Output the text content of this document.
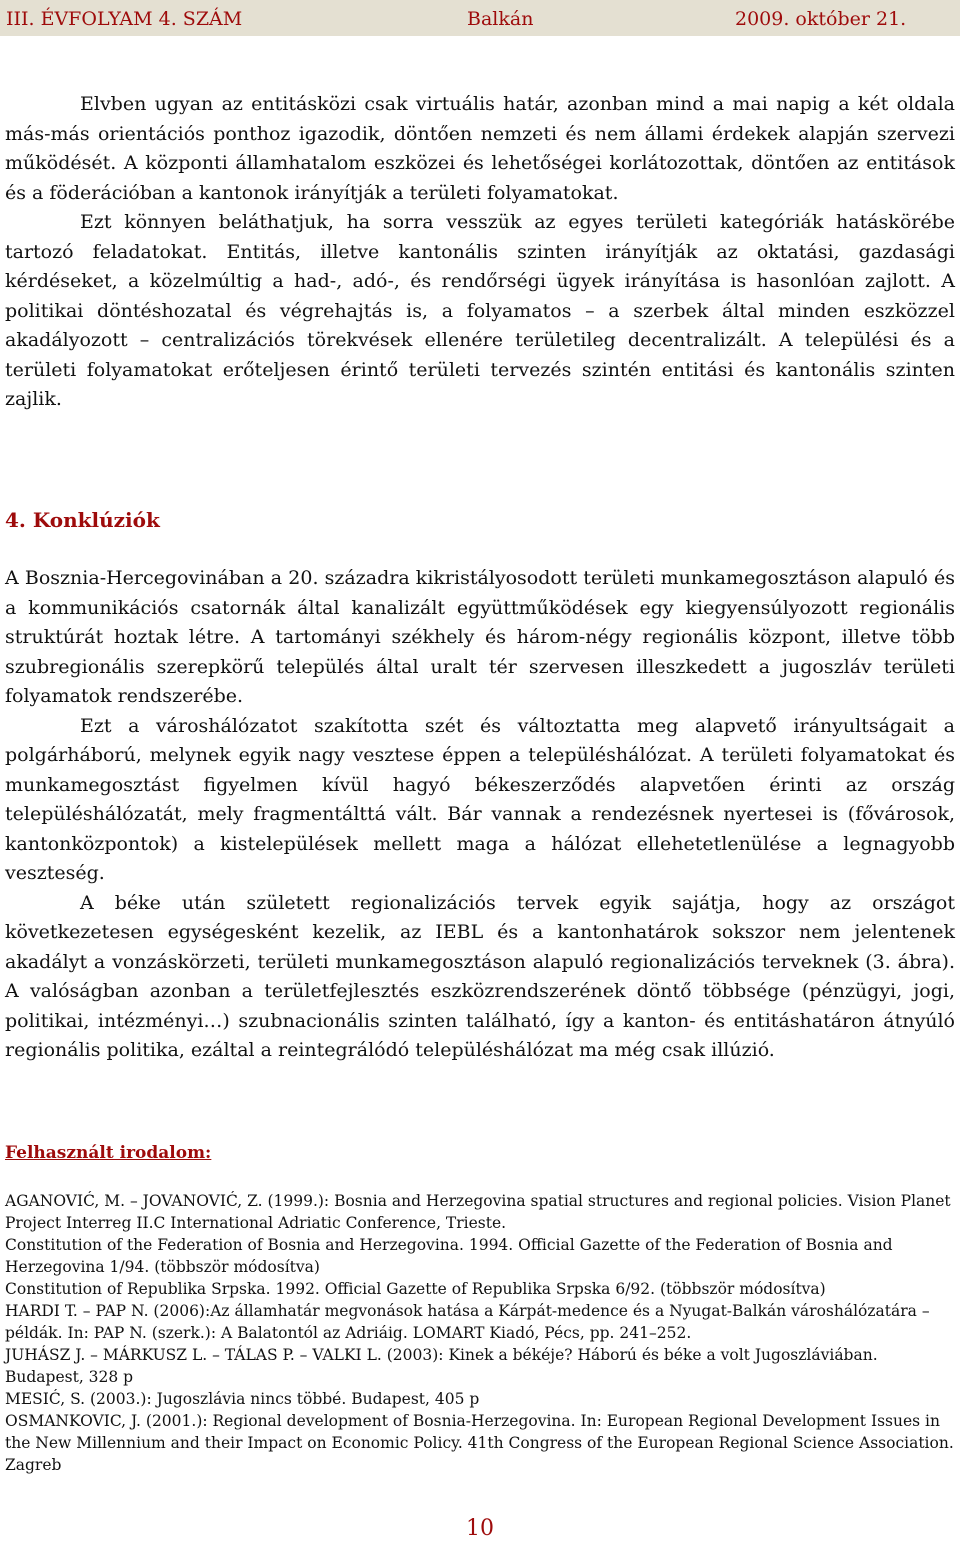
III. ÉVFOLYAM 4. SZÁM	Balkán	2009. október 21.

Elvben ugyan az entitásközi csak virtuális határ, azonban mind a mai napig a két oldala más-más orientációs ponthoz igazodik, döntően nemzeti és nem állami érdekek alapján szervezi működését. A központi államhatalom eszközei és lehetőségei korlátozottak, döntően az entitások és a föderációban a kantonok irányítják a területi folyamatokat.

Ezt könnyen beláthatjuk, ha sorra vesszük az egyes területi kategóriák hatáskörébe tartozó feladatokat. Entitás, illetve kantonális szinten irányítják az oktatási, gazdasági kérdéseket, a közelmúltig a had-, adó-, és rendőrségi ügyek irányítása is hasonlóan zajlott. A politikai döntéshozatal és végrehajtás is, a folyamatos – a szerbek által minden eszközzel akadályozott – centralizációs törekvések ellenére területileg decentralizált. A települési és a területi folyamatokat erőteljesen érintő területi tervezés szintén entitási és kantonális szinten zajlik.

4. Konklúziók

A Bosznia-Hercegovinában a 20. századra kikristályosodott területi munkamegosztáson alapuló és a kommunikációs csatornák által kanalizált együttműködések egy kiegyensúlyozott regionális struktúrát hoztak létre. A tartományi székhely és három-négy regionális központ, illetve több szubregionális szerepkörű település által uralt tér szervesen illeszkedett a jugoszláv területi folyamatok rendszerébe.

Ezt a városhálózatot szakította szét és változtatta meg alapvető irányultságait a polgárháború, melynek egyik nagy vesztese éppen a településhálózat. A területi folyamatokat és munkamegosztást figyelmen kívül hagyó békeszerződés alapvetően érinti az ország településhálózatát, mely fragmentálttá vált. Bár vannak a rendezésnek nyertesei is (fővárosok, kantonközpontok) a kistelepülések mellett maga a hálózat ellehetetlenülése a legnagyobb veszteség.

A béke után született regionalizációs tervek egyik sajátja, hogy az országot következetesen egységesként kezelik, az IEBL és a kantonhatárok sokszor nem jelentenek akadályt a vonzáskörzeti, területi munkamegosztáson alapuló regionalizációs terveknek (3. ábra). A valóságban azonban a területfejlesztés eszközrendszerének döntő többsége (pénzügyi, jogi, politikai, intézményi…) szubnacionális szinten található, így a kanton- és entitáshatáron átnyúló regionális politika, ezáltal a reintegrálódó településhálózat ma még csak illúzió.

Felhasznált irodalom:

AGANOVIĆ, M. – JOVANOVIĆ, Z. (1999.): Bosnia and Herzegovina spatial structures and regional policies. Vision Planet Project Interreg II.C International Adriatic Conference, Trieste.

Constitution of the Federation of Bosnia and Herzegovina. 1994. Official Gazette of the Federation of Bosnia and Herzegovina 1/94. (többször módosítva)

Constitution of Republika Srpska. 1992. Official Gazette of Republika Srpska 6/92. (többször módosítva)

HARDI T. – PAP N. (2006):Az államhatár megvonások hatása a Kárpát-medence és a Nyugat-Balkán városhálózatára – példák. In: PAP N. (szerk.): A Balatontól az Adriáig. LOMART Kiadó, Pécs, pp. 241–252.

JUHÁSZ J. – MÁRKUSZ L. – TÁLAS P. – VALKI L. (2003): Kinek a békéje? Háború és béke a volt Jugoszláviában. Budapest, 328 p

MESIĆ, S. (2003.): Jugoszlávia nincs többé. Budapest, 405 p

OSMANKOVIC, J. (2001.): Regional development of Bosnia-Herzegovina. In: European Regional Development Issues in the New Millennium and their Impact on Economic Policy. 41th Congress of the European Regional Science Association. Zagreb

10
